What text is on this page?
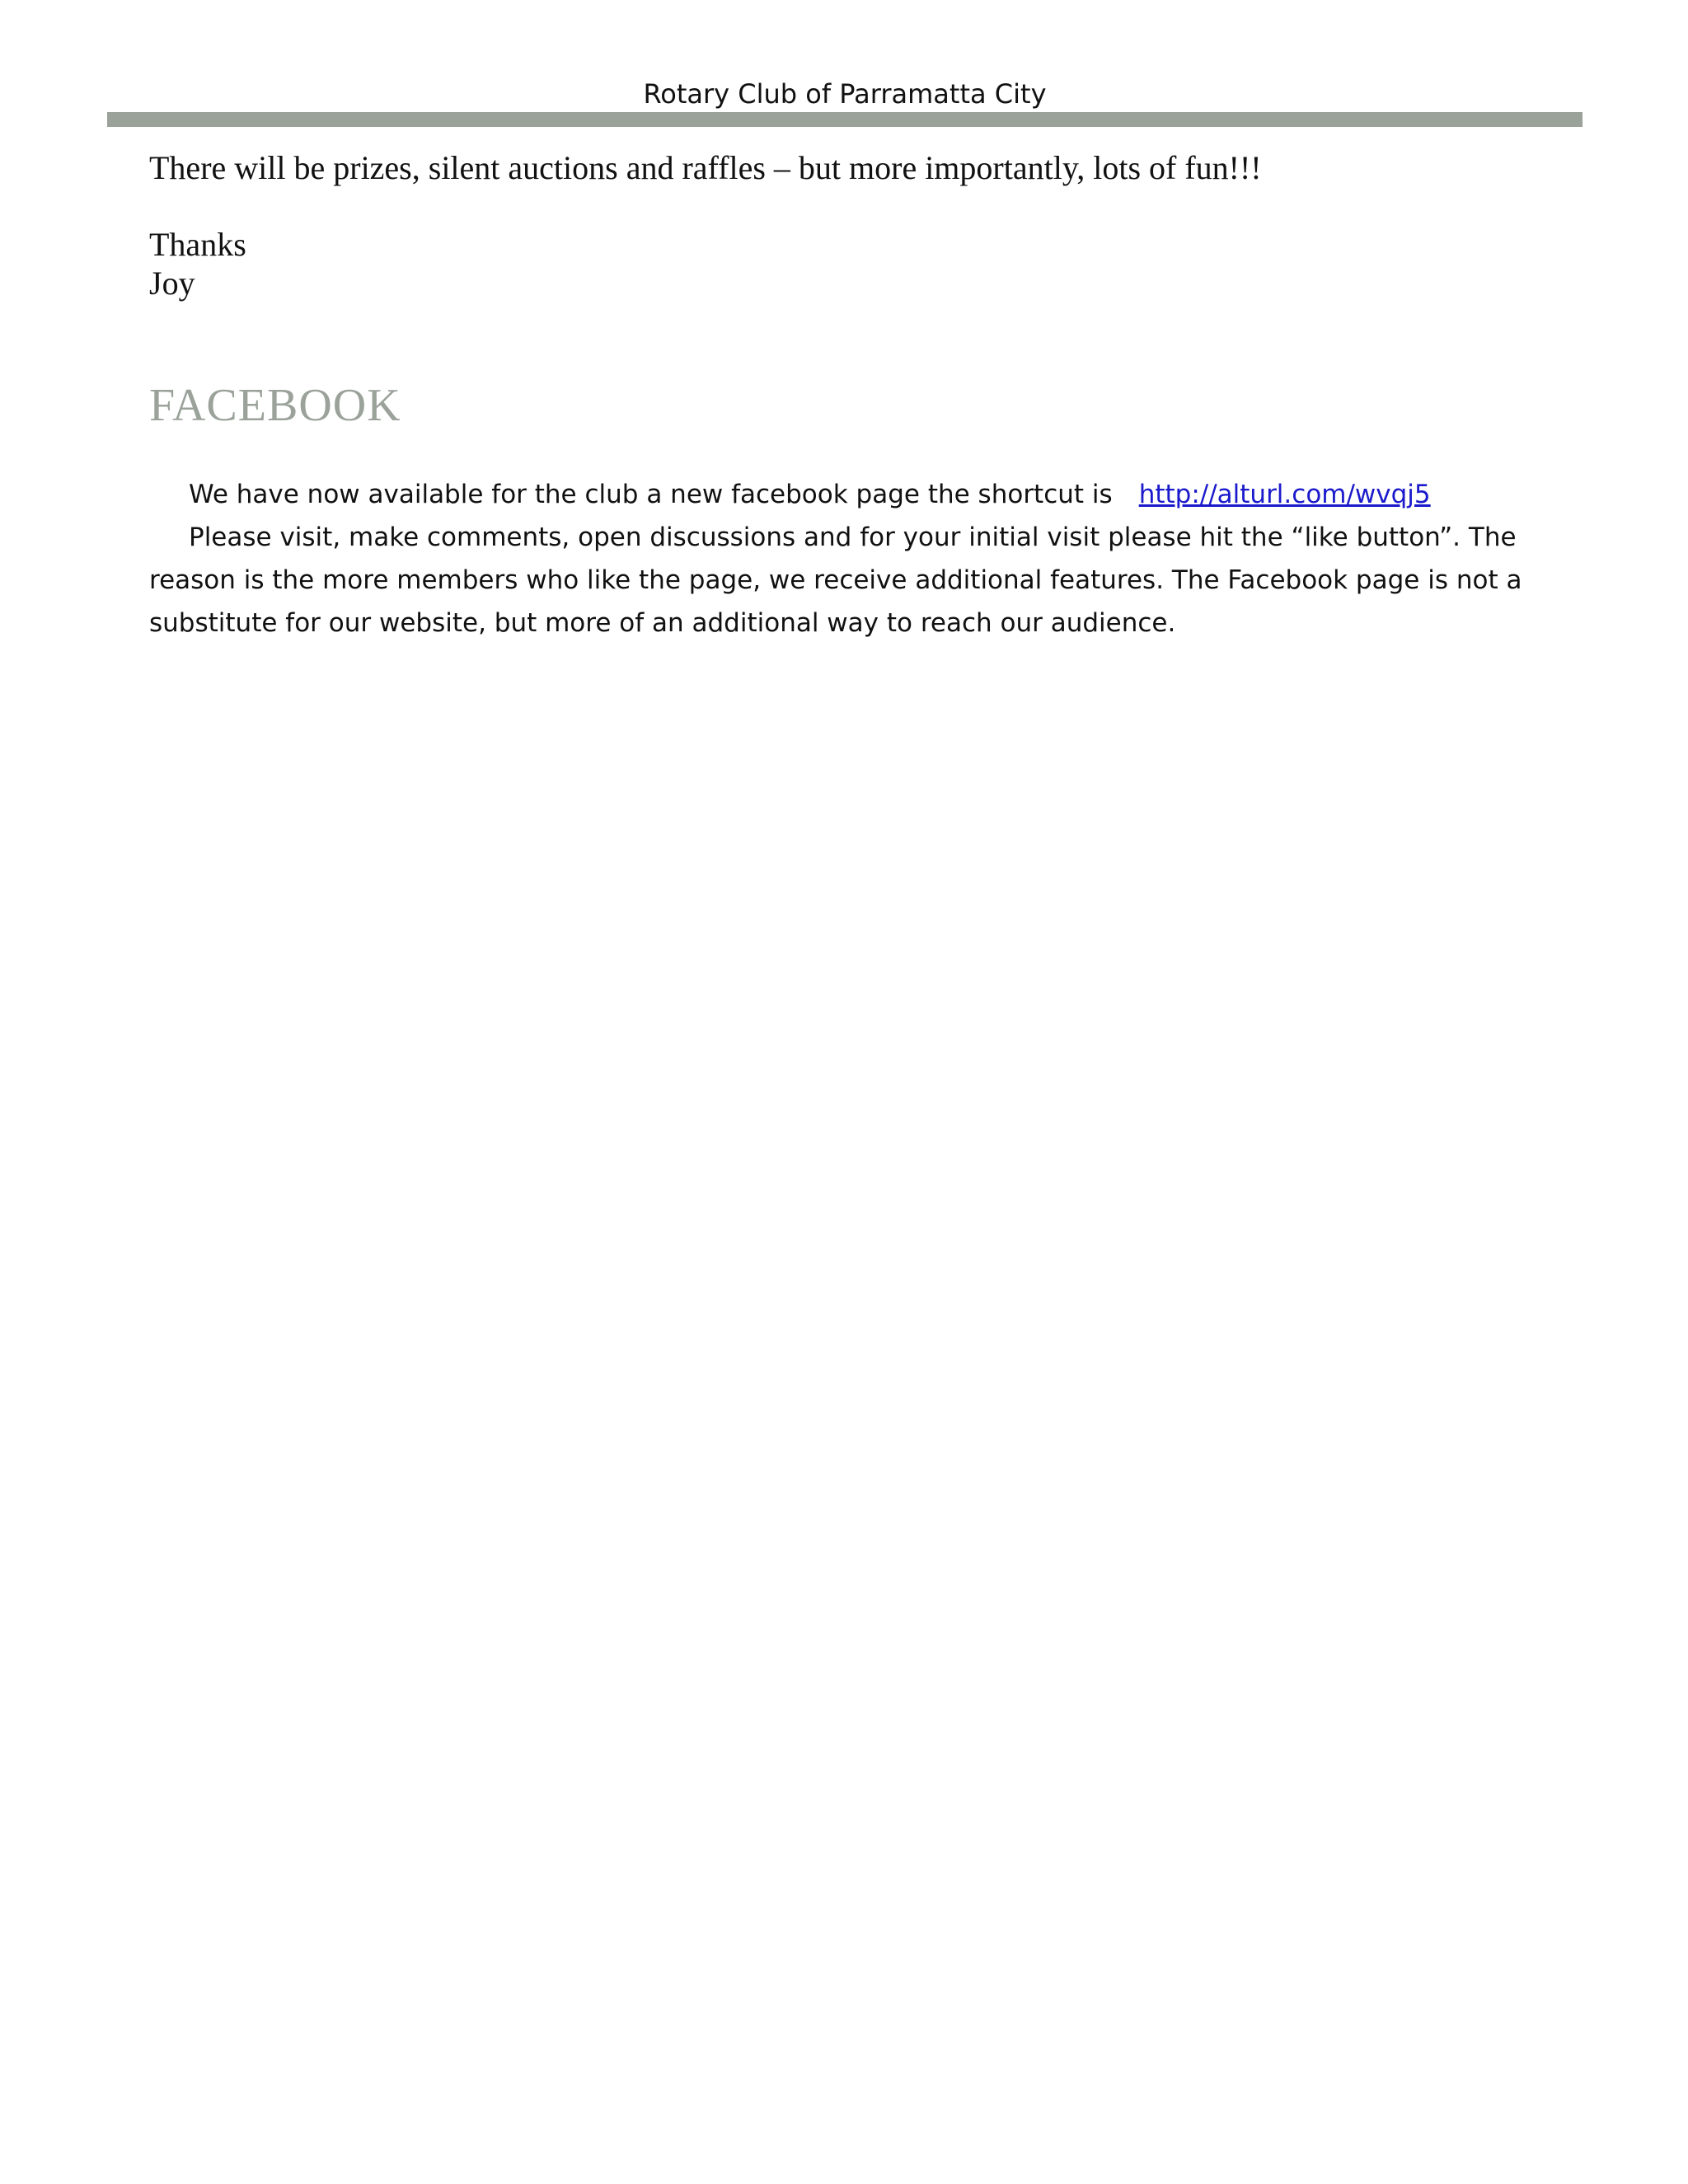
Rotary Club of Parramatta City
There will be prizes, silent auctions and raffles – but more importantly, lots of fun!!!
Thanks
Joy
FACEBOOK
We have now available for the club a new facebook page the shortcut is http://alturl.com/wvqj5
Please visit, make comments, open discussions and for your initial visit please hit the “like button”. The reason is the more members who like the page, we receive additional features. The Facebook page is not a substitute for our website, but more of an additional way to reach our audience.
